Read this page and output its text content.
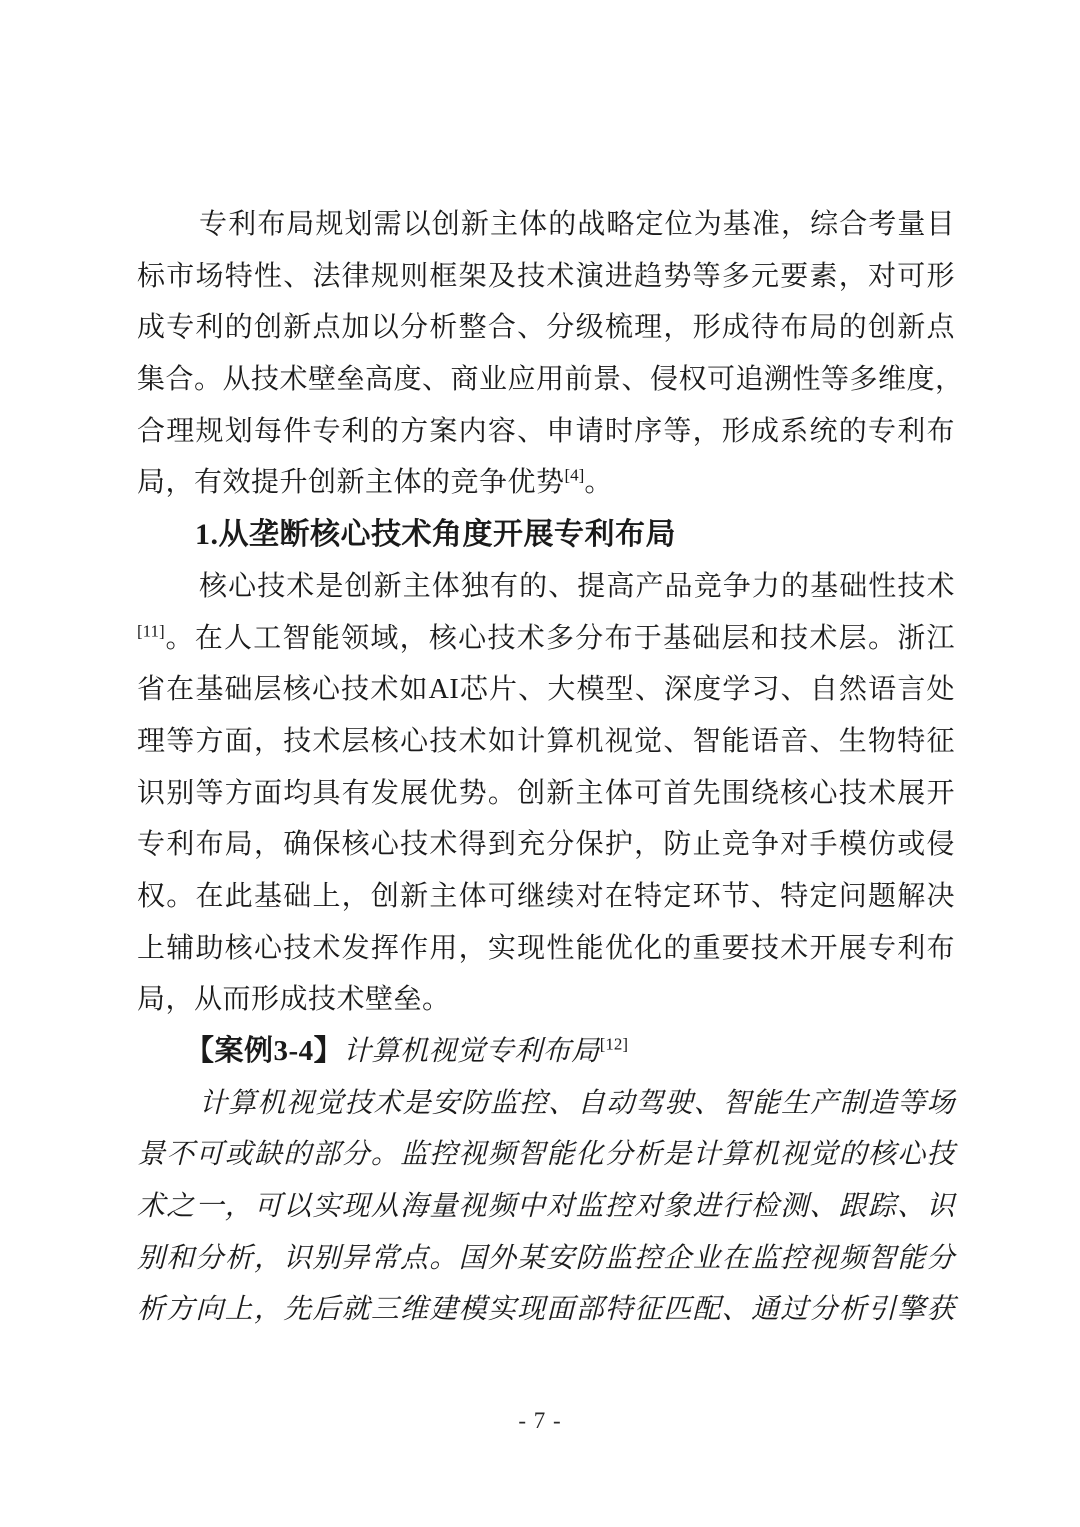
专利布局规划需以创新主体的战略定位为基准，综合考量目
标市场特性、法律规则框架及技术演进趋势等多元要素，对可形
成专利的创新点加以分析整合、分级梳理，形成待布局的创新点
集合。从技术壁垒高度、商业应用前景、侵权可追溯性等多维度，
合理规划每件专利的方案内容、申请时序等，形成系统的专利布
局，有效提升创新主体的竞争优势[4]。
1.从垄断核心技术角度开展专利布局
核心技术是创新主体独有的、提高产品竞争力的基础性技术
[11]。在人工智能领域，核心技术多分布于基础层和技术层。浙江
省在基础层核心技术如AI芯片、大模型、深度学习、自然语言处
理等方面，技术层核心技术如计算机视觉、智能语音、生物特征
识别等方面均具有发展优势。创新主体可首先围绕核心技术展开
专利布局，确保核心技术得到充分保护，防止竞争对手模仿或侵
权。在此基础上，创新主体可继续对在特定环节、特定问题解决
上辅助核心技术发挥作用，实现性能优化的重要技术开展专利布
局，从而形成技术壁垒。
【案例3-4】计算机视觉专利布局[12]
计算机视觉技术是安防监控、自动驾驶、智能生产制造等场
景不可或缺的部分。监控视频智能化分析是计算机视觉的核心技
术之一，可以实现从海量视频中对监控对象进行检测、跟踪、识
别和分析，识别异常点。国外某安防监控企业在监控视频智能分
析方向上，先后就三维建模实现面部特征匹配、通过分析引擎获
- 7 -
